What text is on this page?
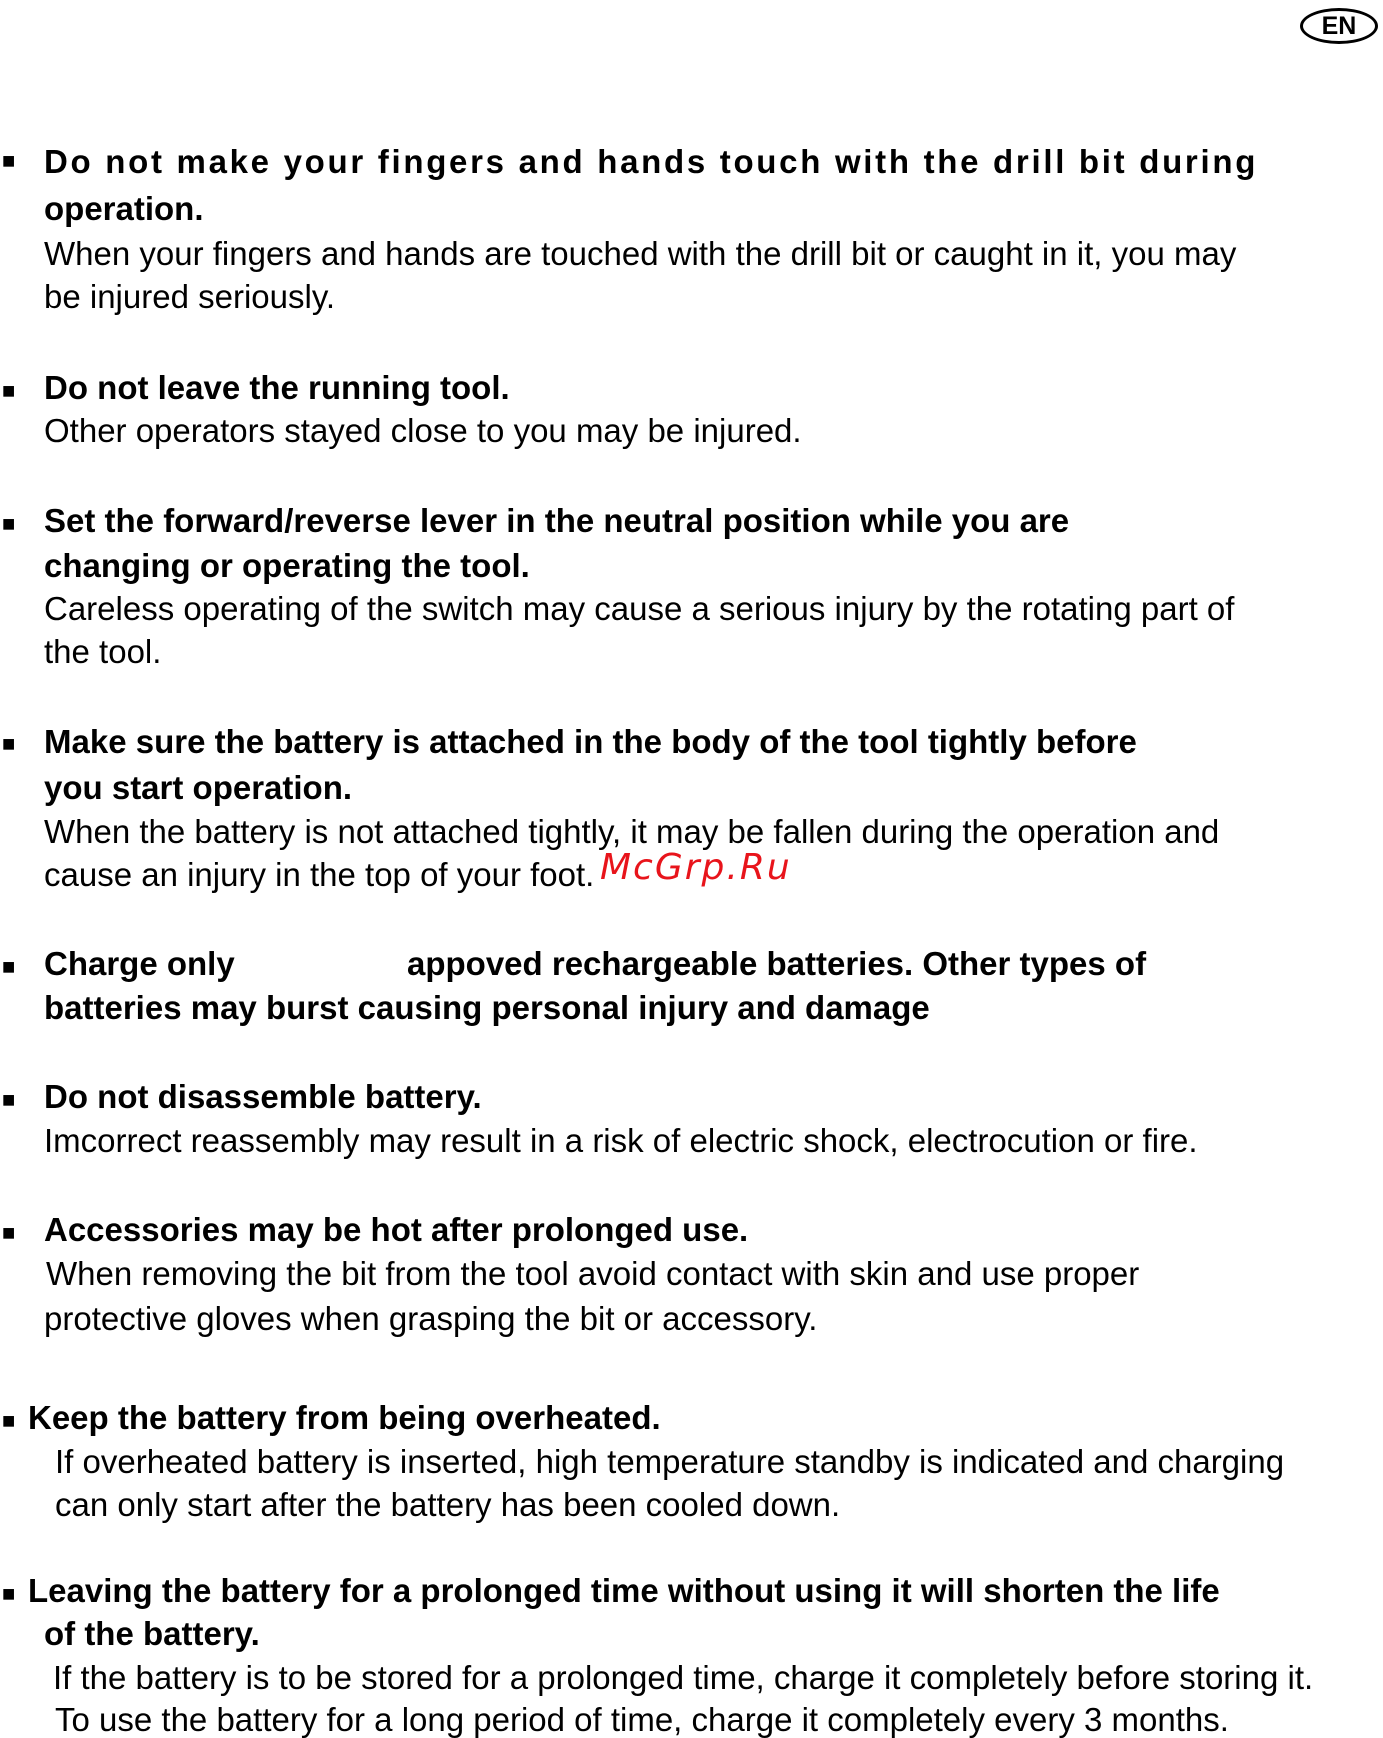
EN
■ Do not make your fingers and hands touch with the drill bit during
operation.
When your fingers and hands are touched with the drill bit or caught in it, you may
be injured seriously.
■ Do not leave the running tool.
Other operators stayed close to you may be injured.
■ Set the forward/reverse lever in the neutral position while you are
changing or operating the tool.
Careless operating of the switch may cause a serious injury by the rotating part of
the tool.
■ Make sure the battery is attached in the body of the tool tightly before
you start operation.
When the battery is not attached tightly, it may be fallen during the operation and
cause an injury in the top of your foot.
■ Charge only	appoved rechargeable batteries. Other types of
batteries may burst causing personal injury and damage
■ Do not disassemble battery.
Imcorrect reassembly may result in a risk of electric shock, electrocution or fire.
■ Accessories may be hot after prolonged use.
When removing the bit from the tool avoid contact with skin and use proper
protective gloves when grasping the bit or accessory.
■ Keep the battery from being overheated.
If overheated battery is inserted, high temperature standby is indicated and charging
can only start after the battery has been cooled down.
■ Leaving the battery for a prolonged time without using it will shorten the life
of the battery.
If the battery is to be stored for a prolonged time, charge it completely before storing it.
To use the battery for a long period of time, charge it completely every 3 months.
McGrp.Ru
